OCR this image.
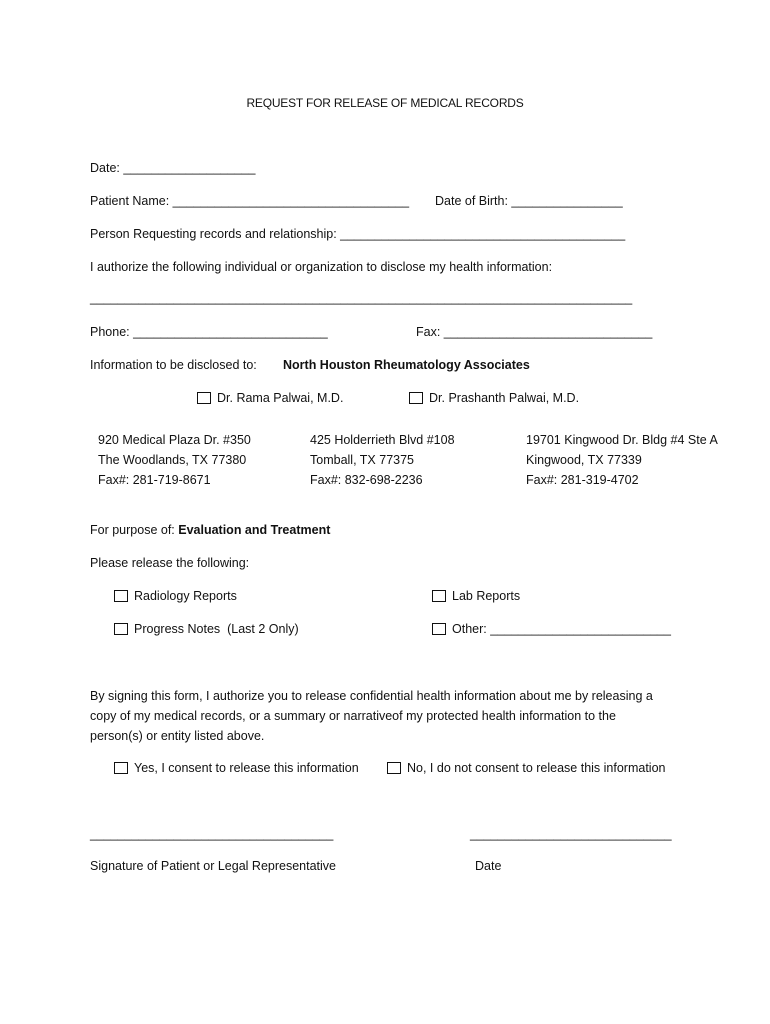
REQUEST FOR RELEASE OF MEDICAL RECORDS
Date: ___________________
Patient Name: __________________________________ Date of Birth: ________________
Person Requesting records and relationship: _________________________________________
I authorize the following individual or organization to disclose my health information:
______________________________________________________________________________
Phone: ____________________________	Fax: ______________________________
Information to be disclosed to: North Houston Rheumatology Associates
Dr. Rama Palwai, M.D.	Dr. Prashanth Palwai, M.D.
920 Medical Plaza Dr. #350
The Woodlands, TX 77380
Fax#: 281-719-8671
425 Holderrieth Blvd #108
Tomball, TX 77375
Fax#: 832-698-2236
19701 Kingwood Dr. Bldg #4 Ste A
Kingwood, TX 77339
Fax#: 281-319-4702
For purpose of: Evaluation and Treatment
Please release the following:
Radiology Reports	Lab Reports
Progress Notes  (Last 2 Only)	Other: __________________________
By signing this form, I authorize you to release confidential health information about me by releasing a
copy of my medical records, or a summary or narrativeof my protected health information to the
person(s) or entity listed above.
Yes, I consent to release this information	No, I do not consent to release this information
___________________________________	_____________________________
Signature of Patient or Legal Representative	Date
